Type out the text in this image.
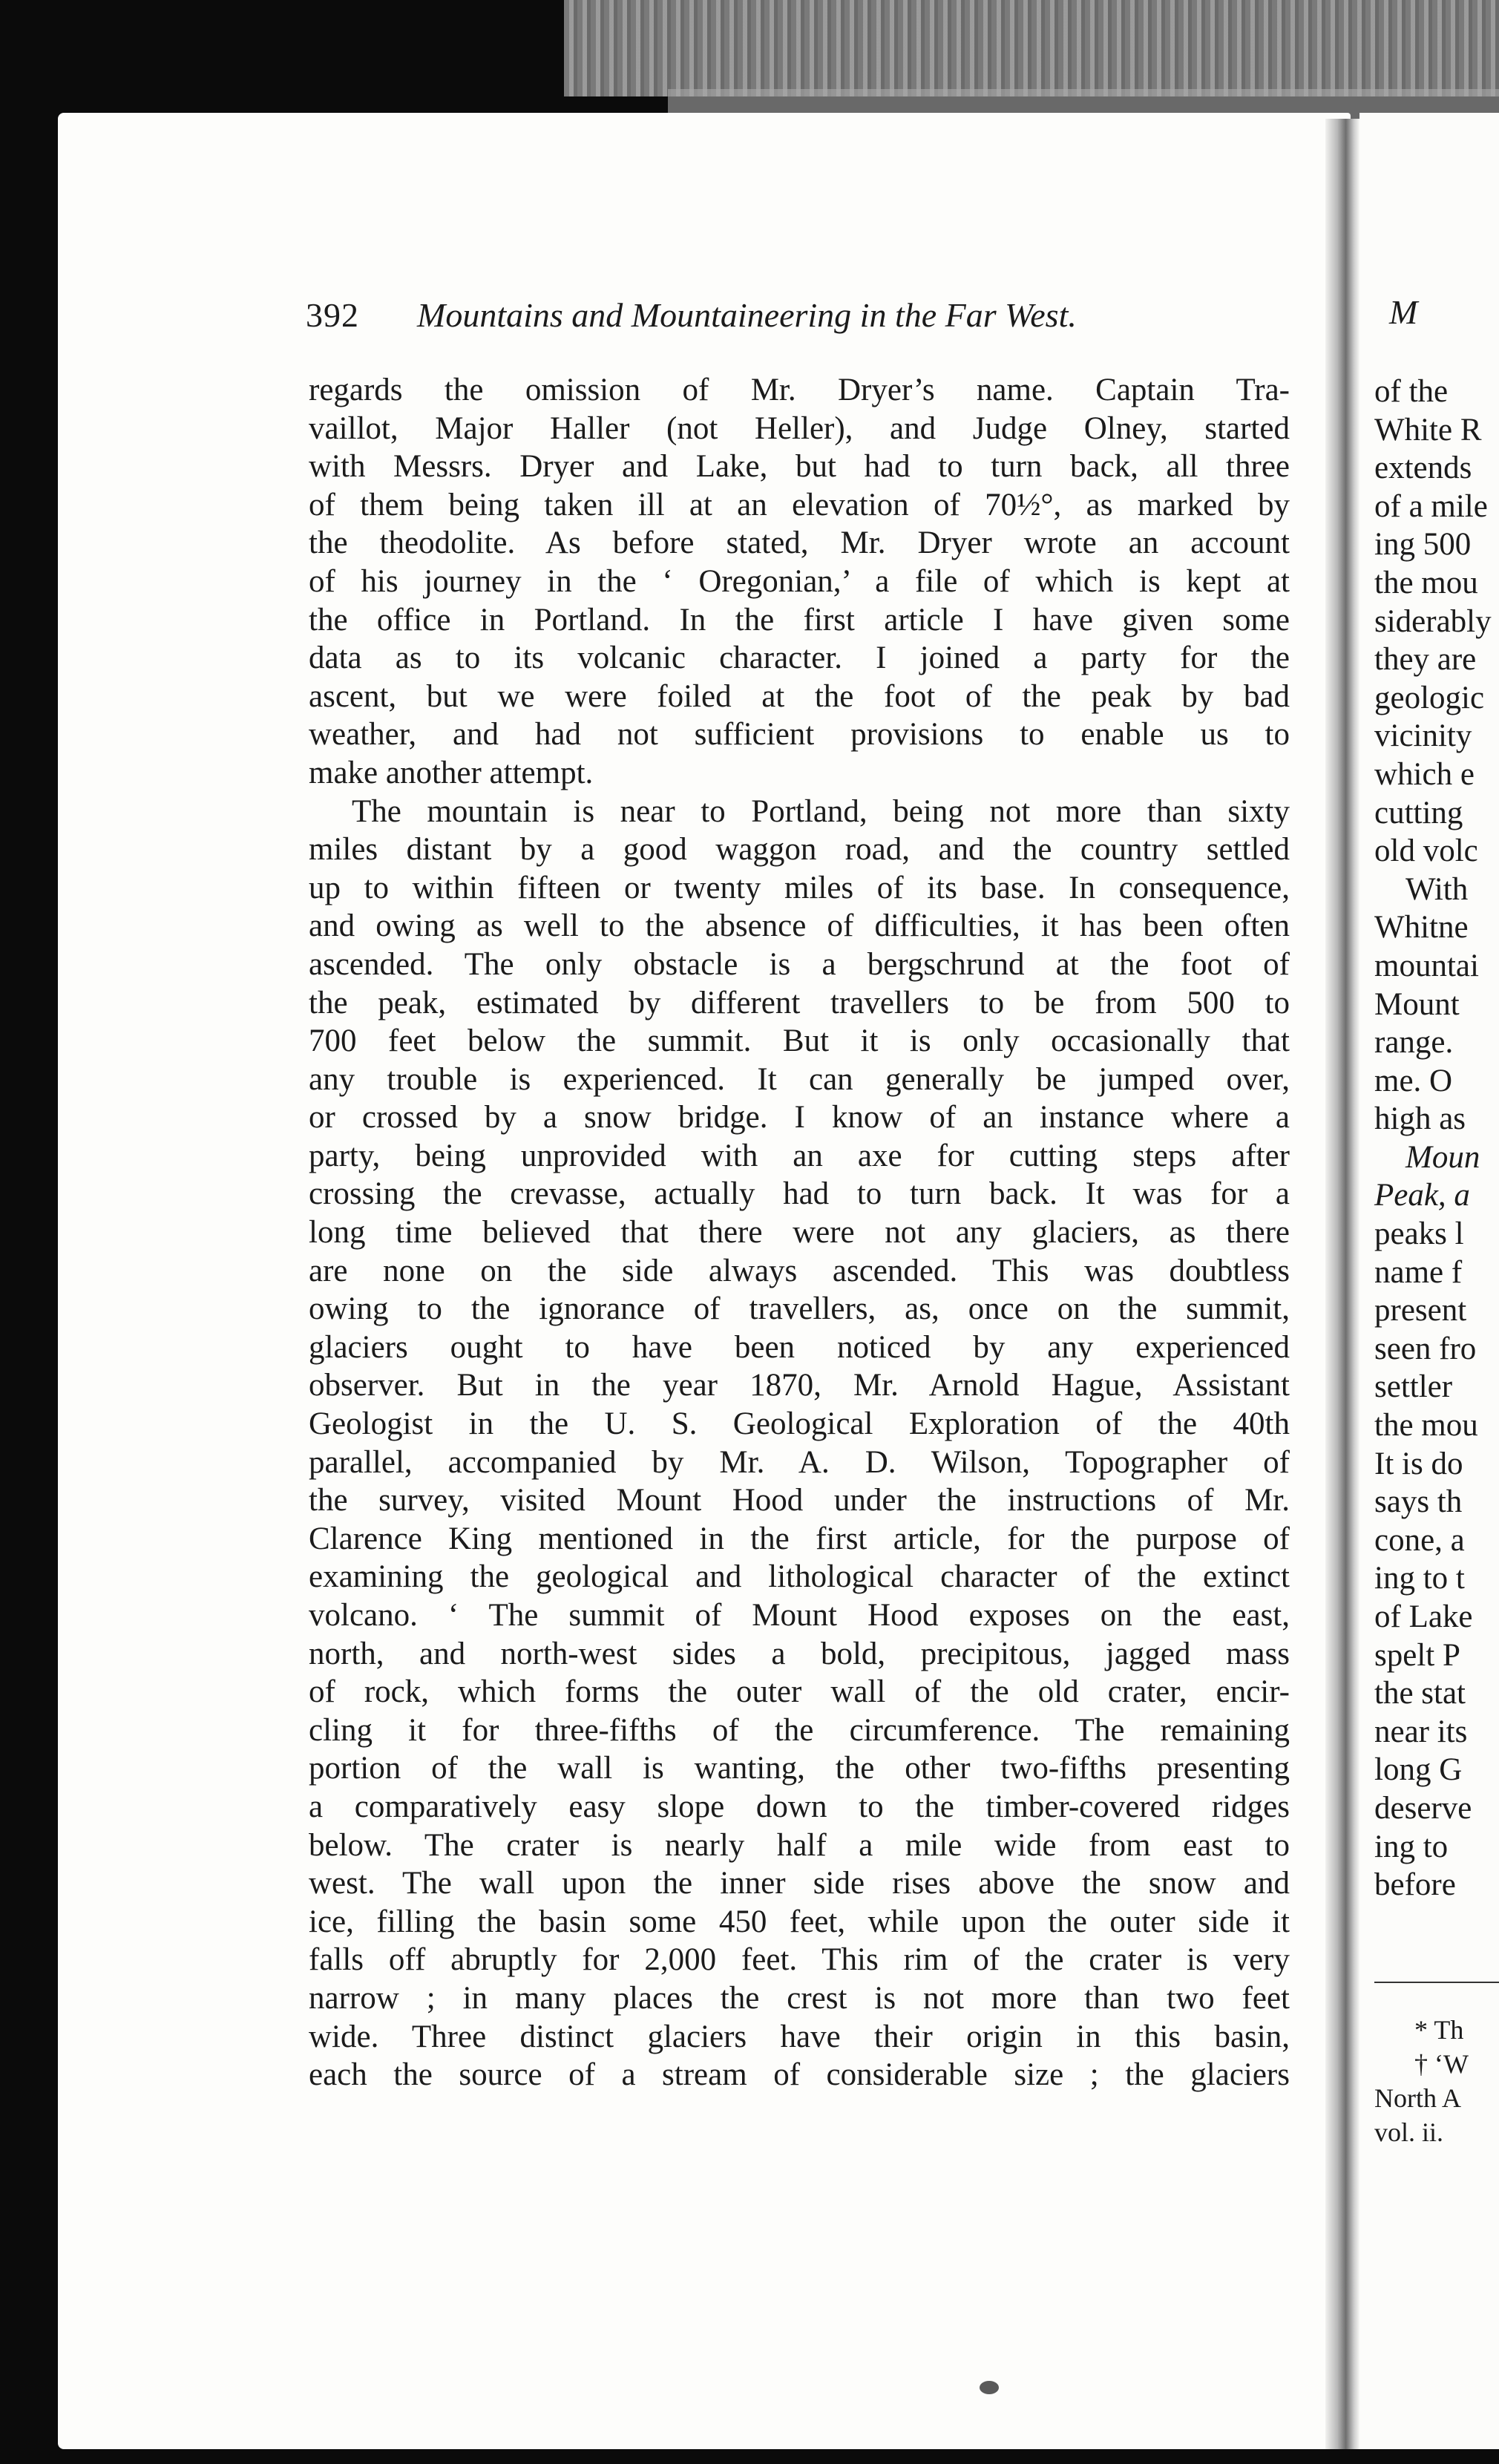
392 Mountains and Mountaineering in the Far West.
regards the omission of Mr. Dryer’s name. Captain Tra-
vaillot, Major Haller (not Heller), and Judge Olney, started
with Messrs. Dryer and Lake, but had to turn back, all three
of them being taken ill at an elevation of 70½°, as marked by
the theodolite. As before stated, Mr. Dryer wrote an account
of his journey in the ‘ Oregonian,’ a file of which is kept at
the office in Portland. In the first article I have given some
data as to its volcanic character. I joined a party for the
ascent, but we were foiled at the foot of the peak by bad
weather, and had not sufficient provisions to enable us to
make another attempt.
The mountain is near to Portland, being not more than sixty
miles distant by a good waggon road, and the country settled
up to within fifteen or twenty miles of its base. In consequence,
and owing as well to the absence of difficulties, it has been often
ascended. The only obstacle is a bergschrund at the foot of
the peak, estimated by different travellers to be from 500 to
700 feet below the summit. But it is only occasionally that
any trouble is experienced. It can generally be jumped over,
or crossed by a snow bridge. I know of an instance where a
party, being unprovided with an axe for cutting steps after
crossing the crevasse, actually had to turn back. It was for a
long time believed that there were not any glaciers, as there
are none on the side always ascended. This was doubtless
owing to the ignorance of travellers, as, once on the summit,
glaciers ought to have been noticed by any experienced
observer. But in the year 1870, Mr. Arnold Hague, Assistant
Geologist in the U. S. Geological Exploration of the 40th
parallel, accompanied by Mr. A. D. Wilson, Topographer of
the survey, visited Mount Hood under the instructions of Mr.
Clarence King mentioned in the first article, for the purpose of
examining the geological and lithological character of the extinct
volcano. ‘ The summit of Mount Hood exposes on the east,
north, and north-west sides a bold, precipitous, jagged mass
of rock, which forms the outer wall of the old crater, encir-
cling it for three-fifths of the circumference. The remaining
portion of the wall is wanting, the other two-fifths presenting
a comparatively easy slope down to the timber-covered ridges
below. The crater is nearly half a mile wide from east to
west. The wall upon the inner side rises above the snow and
ice, filling the basin some 450 feet, while upon the outer side it
falls off abruptly for 2,000 feet. This rim of the crater is very
narrow ; in many places the crest is not more than two feet
wide. Three distinct glaciers have their origin in this basin,
each the source of a stream of considerable size ; the glaciers
M
of the
White R
extends
of a mile
ing 500
the mou
siderably
they are
geologic
vicinity
which e
cutting
old volc
With
Whitne
mountai
Mount
range.
me. O
high as
Moun
Peak, a
peaks l
name f
present
seen fro
settler
the mou
It is do
says th
cone, a
ing to t
of Lake
spelt P
the stat
near its
long G
deserve
ing to
before
* Th
† ‘W
North A
vol. ii.
